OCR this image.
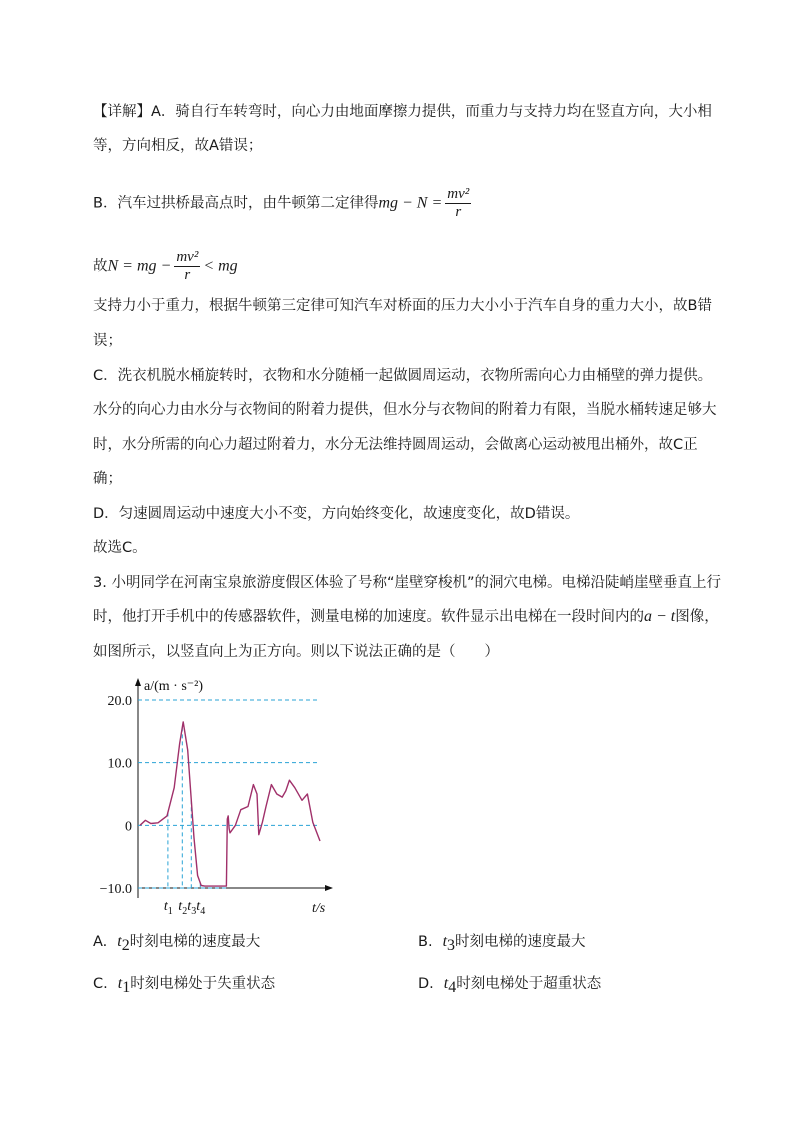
【详解】A．骑自行车转弯时，向心力由地面摩擦力提供，而重力与支持力均在竖直方向，大小相
等，方向相反，故A错误；
B．汽车过拱桥最高点时，由牛顿第二定律得mg − $N = \frac{\text{mv²}}{r}$
故N = mg − $\frac{\text{mv²}}{r}$ < mg
支持力小于重力，根据牛顿第三定律可知汽车对桥面的压力大小小于汽车自身的重力大小，故B错
误；
C．洗衣机脱水桶旋转时，衣物和水分随桶一起做圆周运动，衣物所需向心力由桶壁的弹力提供。
水分的向心力由水分与衣物间的附着力提供，但水分与衣物间的附着力有限，当脱水桶转速足够大
时，水分所需的向心力超过附着力，水分无法维持圆周运动，会做离心运动被甩出桶外，故C正
确；
D．匀速圆周运动中速度大小不变，方向始终变化，故速度变化，故D错误。
故选C。
3. 小明同学在河南宝泉旅游度假区体验了号称“崖壁穿梭机”的洞穴电梯。电梯沿陡峭崖壁垂直上行
时，他打开手机中的传感器软件，测量电梯的加速度。软件显示出电梯在一段时间内的a − t图像，
如图所示，以竖直向上为正方向。则以下说法正确的是（　　）
20.0
10.0
0
−10.0
a/(m · s⁻²)
t/s
$t_1$ $t_2$ $t_3$ $t_4$
A. $t_2$时刻电梯的速度最大	B. $t_3$时刻电梯的速度最大
C. $t_1$时刻电梯处于失重状态	D. $t_4$时刻电梯处于超重状态
